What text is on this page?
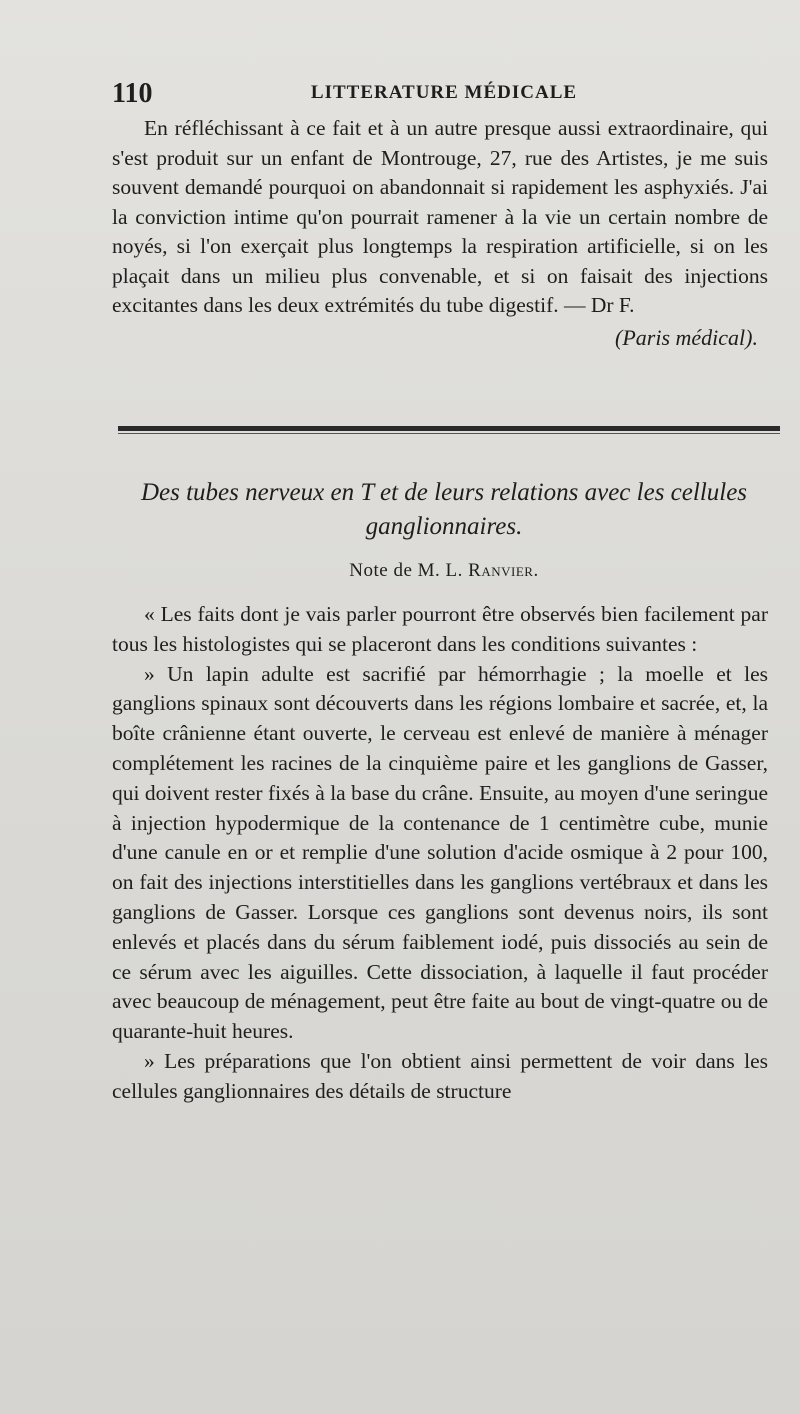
110	LITTERATURE MÉDICALE

En réfléchissant à ce fait et à un autre presque aussi extraordinaire, qui s'est produit sur un enfant de Montrouge, 27, rue des Artistes, je me suis souvent demandé pourquoi on abandonnait si rapidement les asphyxiés. J'ai la conviction intime qu'on pourrait ramener à la vie un certain nombre de noyés, si l'on exerçait plus longtemps la respiration artificielle, si on les plaçait dans un milieu plus convenable, et si on faisait des injections excitantes dans les deux extrémités du tube digestif. — Dr F.

(Paris médical).
Des tubes nerveux en T et de leurs relations avec les cellules ganglionnaires.
Note de M. L. Ranvier.

« Les faits dont je vais parler pourront être observés bien facilement par tous les histologistes qui se placeront dans les conditions suivantes :

» Un lapin adulte est sacrifié par hémorrhagie ; la moelle et les ganglions spinaux sont découverts dans les régions lombaire et sacrée, et, la boîte crânienne étant ouverte, le cerveau est enlevé de manière à ménager complétement les racines de la cinquième paire et les ganglions de Gasser, qui doivent rester fixés à la base du crâne. Ensuite, au moyen d'une seringue à injection hypodermique de la contenance de 1 centimètre cube, munie d'une canule en or et remplie d'une solution d'acide osmique à 2 pour 100, on fait des injections interstitielles dans les ganglions vertébraux et dans les ganglions de Gasser. Lorsque ces ganglions sont devenus noirs, ils sont enlevés et placés dans du sérum faiblement iodé, puis dissociés au sein de ce sérum avec les aiguilles. Cette dissociation, à laquelle il faut procéder avec beaucoup de ménagement, peut être faite au bout de vingt-quatre ou de quarante-huit heures.

» Les préparations que l'on obtient ainsi permettent de voir dans les cellules ganglionnaires des détails de structure
